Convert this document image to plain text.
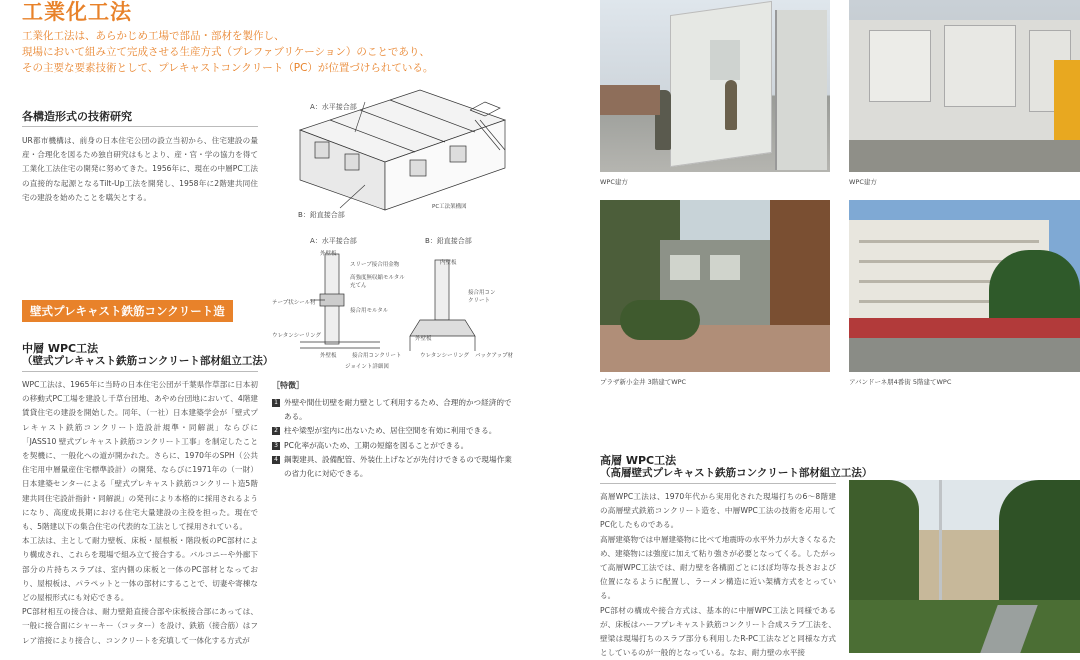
工業化工法
工業化工法は、あらかじめ工場で部品・部材を製作し、
現場において組み立て完成させる生産方式（プレファブリケーション）のことであり、
その主要な要素技術として、プレキャストコンクリート（PC）が位置づけられている。
各構造形式の技術研究
UR都市機構は、前身の日本住宅公団の設立当初から、住宅建設の量産・合理化を図るため独自研究はもとより、産・官・学の協力を得て工業化工法住宅の開発に努めてきた。1956年に、現在の中層PC工法の直接的な起源となるTilt-Up工法を開発し、1958年に2階建共同住宅の建設を始めたことを嚆矢とする。
壁式プレキャスト鉄筋コンクリート造
中層 WPC工法
（壁式プレキャスト鉄筋コンクリート部材組立工法）
WPC工法は、1965年に当時の日本住宅公団が千葉県作草部に日本初の移動式PC工場を建設し千草台団地、あやめ台団地において、4階建賃貸住宅の建設を開始した。同年、（一社）日本建築学会が「壁式プレキャスト鉄筋コンクリート造設計規準・同解説」ならびに「JASS10 壁式プレキャスト鉄筋コンクリート工事」を制定したことを契機に、一般化への道が開かれた。さらに、1970年のSPH（公共住宅用中層量産住宅標準設計）の開発、ならびに1971年の（一財）日本建築センターによる「壁式プレキャスト鉄筋コンクリート造5階建共同住宅設計指針・同解説」の発刊により本格的に採用されるようになり、高度成長期における住宅大量建設の主役を担った。現在でも、5階建以下の集合住宅の代表的な工法として採用されている。
本工法は、主として耐力壁板、床板・屋根板・階段板のPC部材により構成され、これらを現場で組み立て接合する。バルコニーや外廊下部分の片持ちスラブは、室内側の床板と一体のPC部材となっており、屋根板は、パラペットと一体の部材にすることで、切妻や寄棟などの屋根形式にも対応できる。
PC部材相互の接合は、耐力壁鉛直接合部や床板接合部にあっては、一般に接合面にシャーキー（コッター）を設け、鉄筋（接合筋）はフレア溶接により接合し、コンクリートを充填して一体化する方式が
A：水平接合部
B：鉛直接合部
PC工法架構図
A：水平接合部	B：鉛直接合部
外壁板
スリーブ接合用金物
高強度無収縮モルタル充てん
接合用モルタル
テープ状シール材
ウレタンシーリング
外壁板	接合用コンクリート
内壁板
接合用コンクリート
外壁板
ウレタンシーリング バックアップ材
ジョイント詳細図
［特徴］
1 外壁や間仕切壁を耐力壁として利用するため、合理的かつ経済的である。
2 柱や梁型が室内に出ないため、居住空間を有効に利用できる。
3 PC化率が高いため、工期の短縮を図ることができる。
4 鋼製建具、設備配管、外装仕上げなどが先付けできるので現場作業の省力化に対応できる。
WPC建方	WPC建方
プラザ新小金井 3階建てWPC	アバンドーネ朋4番街 5階建てWPC
高層 WPC工法
（高層壁式プレキャスト鉄筋コンクリート部材組立工法）
高層WPC工法は、1970年代から実用化された現場打ちの6〜8階建の高層壁式鉄筋コンクリート造を、中層WPC工法の技術を応用してPC化したものである。
高層建築物では中層建築物に比べて地震時の水平外力が大きくなるため、建築物には強度に加えて粘り強さが必要となってくる。したがって高層WPC工法では、耐力壁を各構面ごとにほぼ均等な長さおよび位置になるように配置し、ラーメン構造に近い架構方式をとっている。
PC部材の構成や接合方式は、基本的に中層WPC工法と同様であるが、床板はハーフプレキャスト鉄筋コンクリート合成スラブ工法を、壁梁は現場打ちのスラブ部分も利用したR-PC工法などと同様な方式としているのが一般的となっている。なお、耐力壁の水平接
